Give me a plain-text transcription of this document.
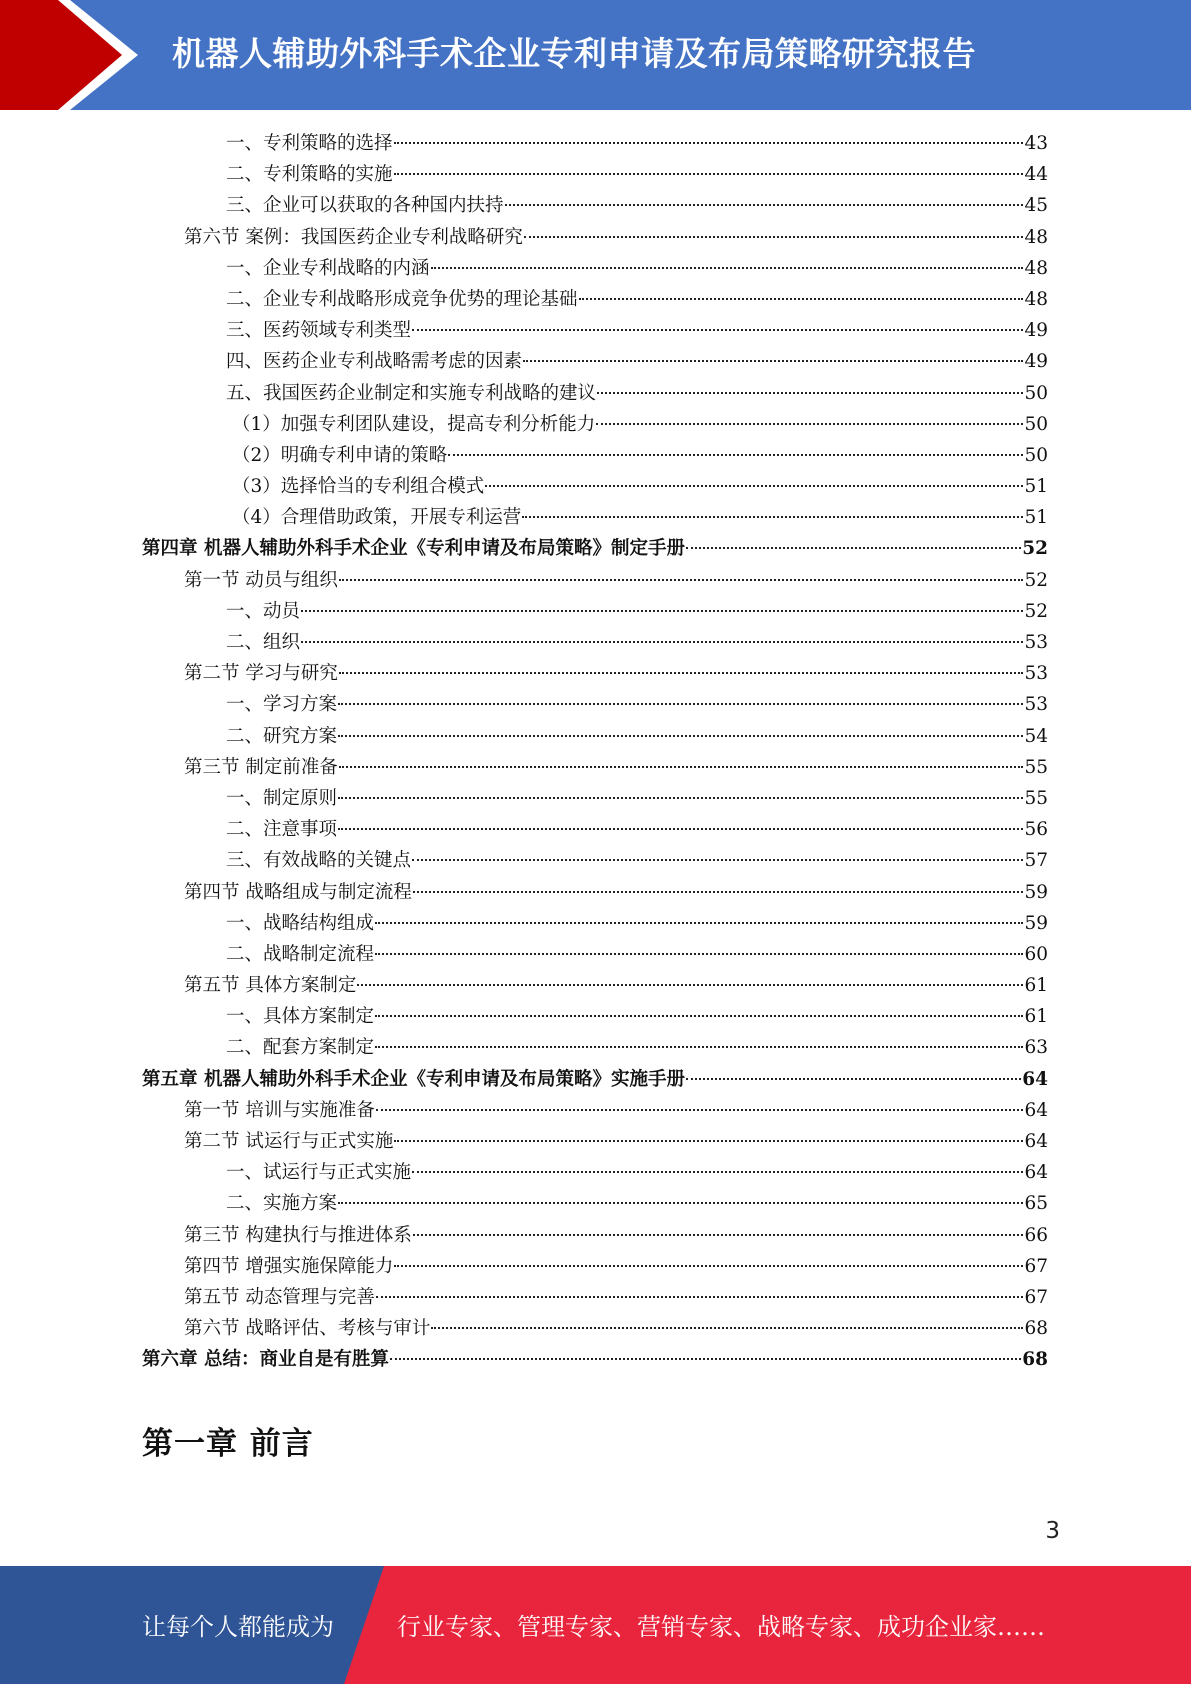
机器人辅助外科手术企业专利申请及布局策略研究报告
一、专利策略的选择	43
二、专利策略的实施	44
三、企业可以获取的各种国内扶持	45
第六节 案例：我国医药企业专利战略研究	48
一、企业专利战略的内涵	48
二、企业专利战略形成竞争优势的理论基础	48
三、医药领域专利类型	49
四、医药企业专利战略需考虑的因素	49
五、我国医药企业制定和实施专利战略的建议	50
（1）加强专利团队建设，提高专利分析能力	50
（2）明确专利申请的策略	50
（3）选择恰当的专利组合模式	51
（4）合理借助政策，开展专利运营	51
第四章 机器人辅助外科手术企业《专利申请及布局策略》制定手册	52
第一节 动员与组织	52
一、动员	52
二、组织	53
第二节 学习与研究	53
一、学习方案	53
二、研究方案	54
第三节 制定前准备	55
一、制定原则	55
二、注意事项	56
三、有效战略的关键点	57
第四节 战略组成与制定流程	59
一、战略结构组成	59
二、战略制定流程	60
第五节 具体方案制定	61
一、具体方案制定	61
二、配套方案制定	63
第五章 机器人辅助外科手术企业《专利申请及布局策略》实施手册	64
第一节 培训与实施准备	64
第二节 试运行与正式实施	64
一、试运行与正式实施	64
二、实施方案	65
第三节 构建执行与推进体系	66
第四节 增强实施保障能力	67
第五节 动态管理与完善	67
第六节 战略评估、考核与审计	68
第六章 总结：商业自是有胜算	68
第一章 前言
3
让每个人都能成为	行业专家、管理专家、营销专家、战略专家、成功企业家……
